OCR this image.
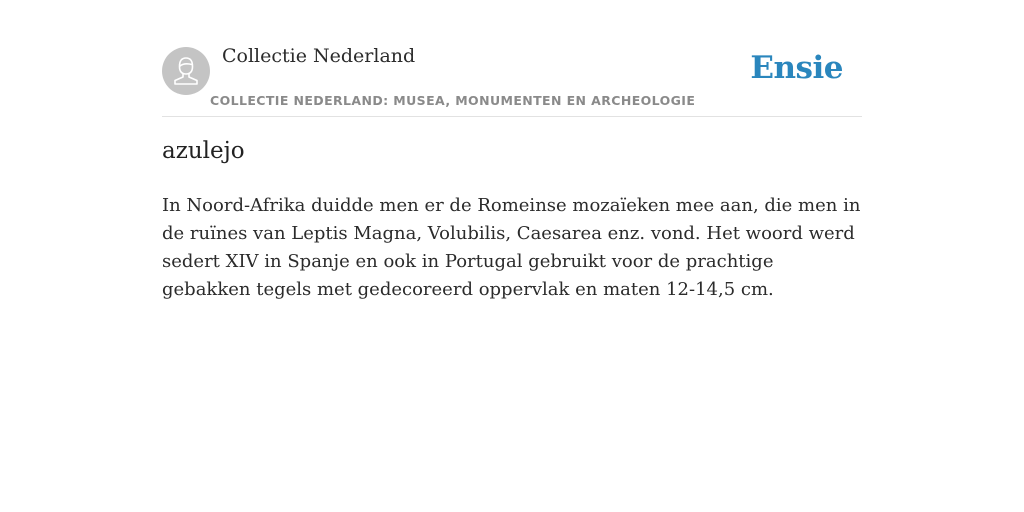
Collectie Nederland
COLLECTIE NEDERLAND: MUSEA, MONUMENTEN EN ARCHEOLOGIE
Ensie
azulejo

In Noord-Afrika duidde men er de Romeinse mozaïeken mee aan, die men in de ruïnes van Leptis Magna, Volubilis, Caesarea enz. vond. Het woord werd sedert XIV in Spanje en ook in Portugal gebruikt voor de prachtige gebakken tegels met gedecoreerd oppervlak en maten 12-14,5 cm.
